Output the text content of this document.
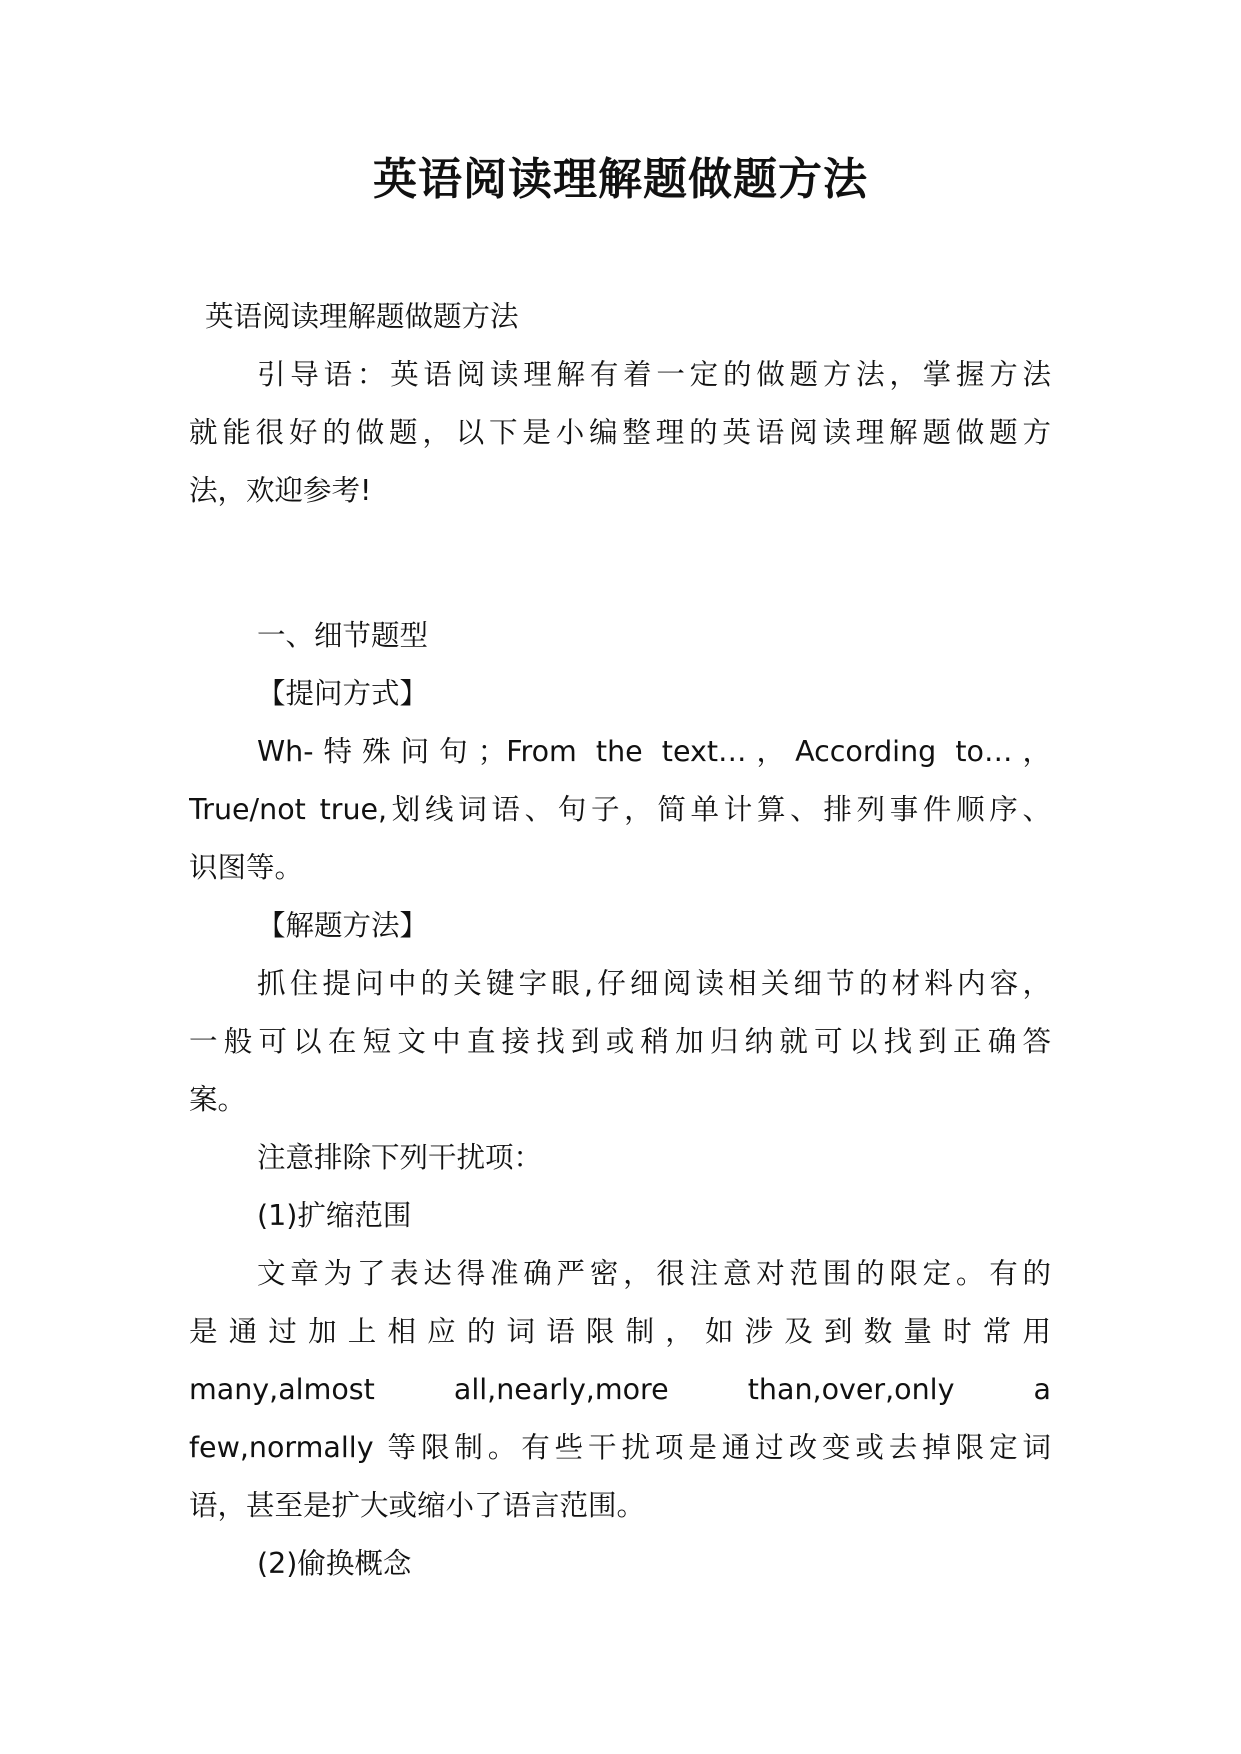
英语阅读理解题做题方法

英语阅读理解题做题方法

引导语：英语阅读理解有着一定的做题方法，掌握方法

就能很好的做题，以下是小编整理的英语阅读理解题做题方

法，欢迎参考!

一、细节题型

【提问方式】

Wh-特殊问句；From the text…，According to…，

True/not true,划线词语、句子，简单计算、排列事件顺序、

识图等。

【解题方法】

抓住提问中的关键字眼,仔细阅读相关细节的材料内容，

一般可以在短文中直接找到或稍加归纳就可以找到正确答

案。

注意排除下列干扰项：

(1)扩缩范围

文章为了表达得准确严密，很注意对范围的限定。有的

是通过加上相应的词语限制，如涉及到数量时常用

many,almost all,nearly,more than,over,only a

few,normally 等限制。有些干扰项是通过改变或去掉限定词

语，甚至是扩大或缩小了语言范围。

(2)偷换概念
